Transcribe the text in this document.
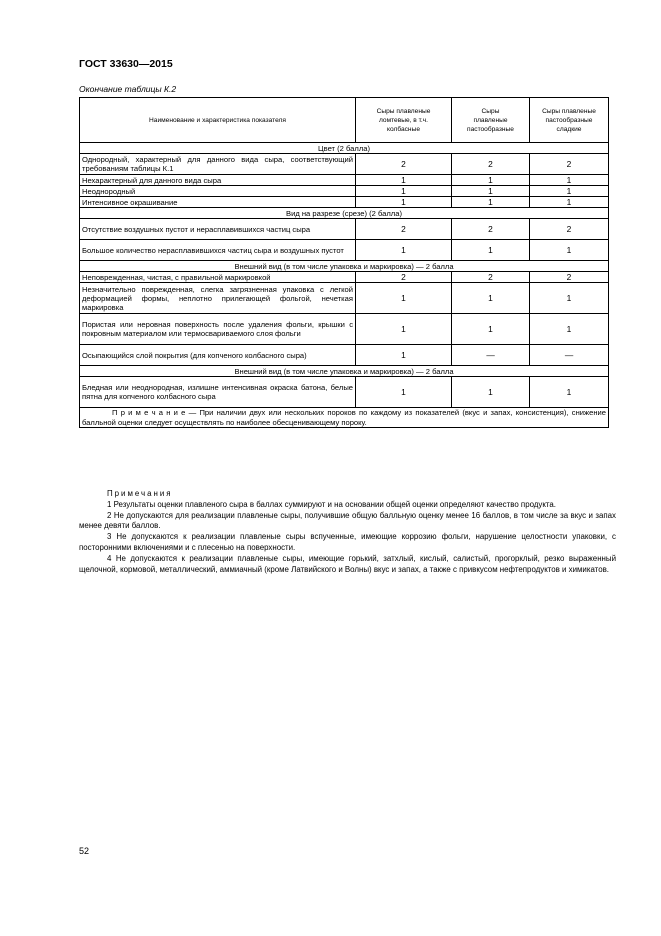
ГОСТ 33630—2015
Окончание таблицы К.2
Наименование и характеристика показателя	Сыры плавленые ломтевые, в т.ч. колбасные	Сыры плавленые пастообразные	Сыры плавленые пастообразные сладкие
Цвет (2 балла)			
Однородный, характерный для данного вида сыра, соответствующий требованиям таблицы К.1	2	2	2
Нехарактерный для данного вида сыра	1	1	1
Неоднородный	1	1	1
Интенсивное окрашивание	1	1	1
Вид на разрезе (срезе) (2 балла)			
Отсутствие воздушных пустот и нерасплавившихся частиц сыра	2	2	2
Большое количество нерасплавившихся частиц сыра и воздушных пустот	1	1	1
Внешний вид (в том числе упаковка и маркировка) — 2 балла			
Неповрежденная, чистая, с правильной маркировкой	2	2	2
Незначительно поврежденная, слегка загрязненная упаковка с легкой деформацией формы, неплотно прилегающей фольгой, нечеткая маркировка	1	1	1
Пористая или неровная поверхность после удаления фольги, крышки с покровным материалом или термосвариваемого слоя фольги	1	1	1
Осыпающийся слой покрытия (для копченого колбасного сыра)	1	—	—
Внешний вид (в том числе упаковка и маркировка) — 2 балла			
Бледная или неоднородная, излишне интенсивная окраска батона, белые пятна для копченого колбасного сыра	1	1	1
П р и м е ч а н и е — При наличии двух или нескольких пороков по каждому из показателей (вкус и запах, консистенция), снижение балльной оценки следует осуществлять по наиболее обесценивающему пороку.			
Примечания

1 Результаты оценки плавленого сыра в баллах суммируют и на основании общей оценки определяют качество продукта.

2 Не допускаются для реализации плавленые сыры, получившие общую балльную оценку менее 16 баллов, в том числе за вкус и запах менее девяти баллов.

3 Не допускаются к реализации плавленые сыры вспученные, имеющие коррозию фольги, нарушение целостности упаковки, с посторонними включениями и с плесенью на поверхности.

4 Не допускаются к реализации плавленые сыры, имеющие горький, затхлый, кислый, салистый, прогорклый, резко выраженный щелочной, кормовой, металлический, аммиачный (кроме Латвийского и Волны) вкус и запах, а также с привкусом нефтепродуктов и химикатов.

52
